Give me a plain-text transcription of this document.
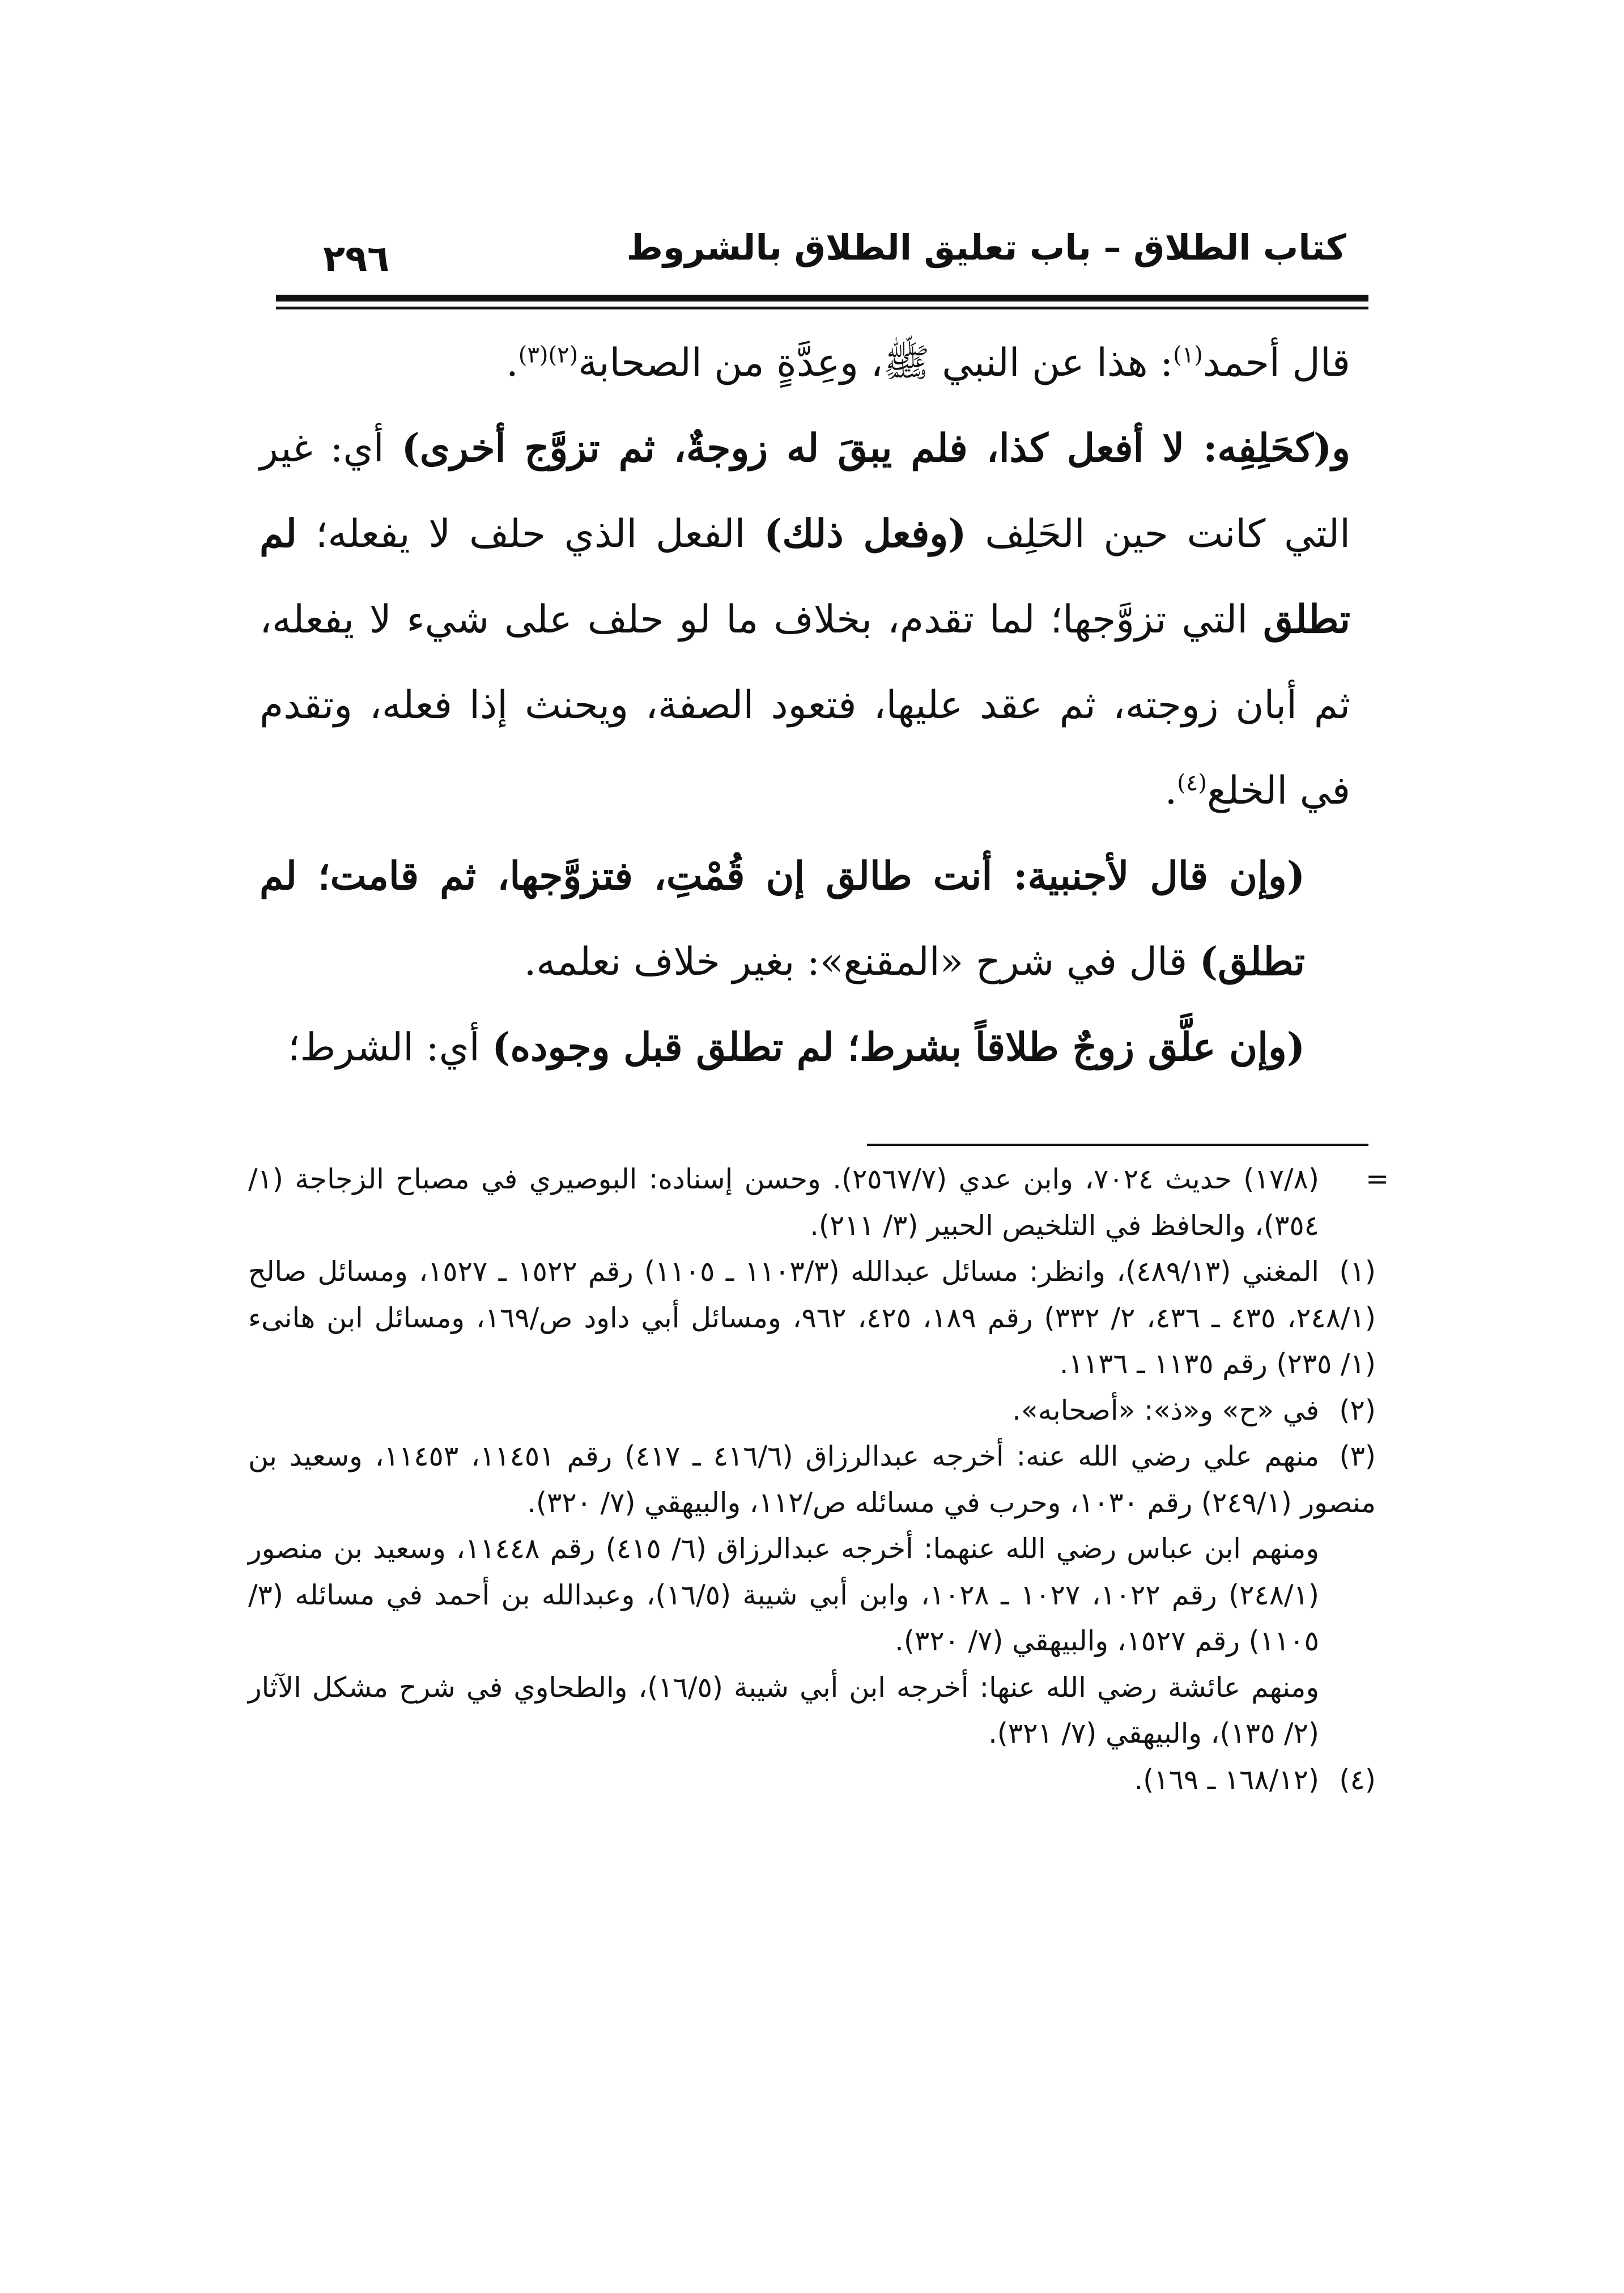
كتاب الطلاق – باب تعليق الطلاق بالشروط
٢٩٦

قال أحمد$^{(١)}$: هذا عن النبي ﷺ، وعِدَّةٍ من الصحابة$^{(٢)(٣)}$.

و(كحَلِفِه: لا أفعل كذا، فلم يبقَ له زوجةٌ، ثم تزوَّج أخرى) أي: غير التي كانت حين الحَلِف (وفعل ذلك) الفعل الذي حلف لا يفعله؛ لم تطلق التي تزوَّجها؛ لما تقدم، بخلاف ما لو حلف على شيء لا يفعله، ثم أبان زوجته، ثم عقد عليها، فتعود الصفة، ويحنث إذا فعله، وتقدم في الخلع$^{(٤)}$.

(وإن قال لأجنبية: أنت طالق إن قُمْتِ، فتزوَّجها، ثم قامت؛ لم تطلق) قال في شرح «المقنع»: بغير خلاف نعلمه.

(وإن علَّق زوجٌ طلاقاً بشرط؛ لم تطلق قبل وجوده) أي: الشرط؛

=

(١٧/٨) حديث ٧٠٢٤، وابن عدي (٢٥٦٧/٧). وحسن إسناده: البوصيري في مصباح الزجاجة (١/ ٣٥٤)، والحافظ في التلخيص الحبير (٣/ ٢١١).

(١)المغني (٤٨٩/١٣)، وانظر: مسائل عبدالله (١١٠٣/٣ ـ ١١٠٥) رقم ١٥٢٢ ـ ١٥٢٧، ومسائل صالح (٢٤٨/١، ٤٣٥ ـ ٤٣٦، ٢/ ٣٣٢) رقم ١٨٩، ٤٢٥، ٩٦٢، ومسائل أبي داود ص/١٦٩، ومسائل ابن هانىء (١/ ٢٣٥) رقم ١١٣٥ ـ ١١٣٦.

(٢)في «ح» و«ذ»: «أصحابه».

(٣)منهم علي رضي الله عنه: أخرجه عبدالرزاق (٤١٦/٦ ـ ٤١٧) رقم ١١٤٥١، ١١٤٥٣، وسعيد بن منصور (٢٤٩/١) رقم ١٠٣٠، وحرب في مسائله ص/١١٢، والبيهقي (٧/ ٣٢٠).

ومنهم ابن عباس رضي الله عنهما: أخرجه عبدالرزاق (٦/ ٤١٥) رقم ١١٤٤٨، وسعيد بن منصور (٢٤٨/١) رقم ١٠٢٢، ١٠٢٧ ـ ١٠٢٨، وابن أبي شيبة (١٦/٥)، وعبدالله بن أحمد في مسائله (٣/ ١١٠٥) رقم ١٥٢٧، والبيهقي (٧/ ٣٢٠).

ومنهم عائشة رضي الله عنها: أخرجه ابن أبي شيبة (١٦/٥)، والطحاوي في شرح مشكل الآثار (٢/ ١٣٥)، والبيهقي (٧/ ٣٢١).

(٤)(١٦٨/١٢ ـ ١٦٩).
